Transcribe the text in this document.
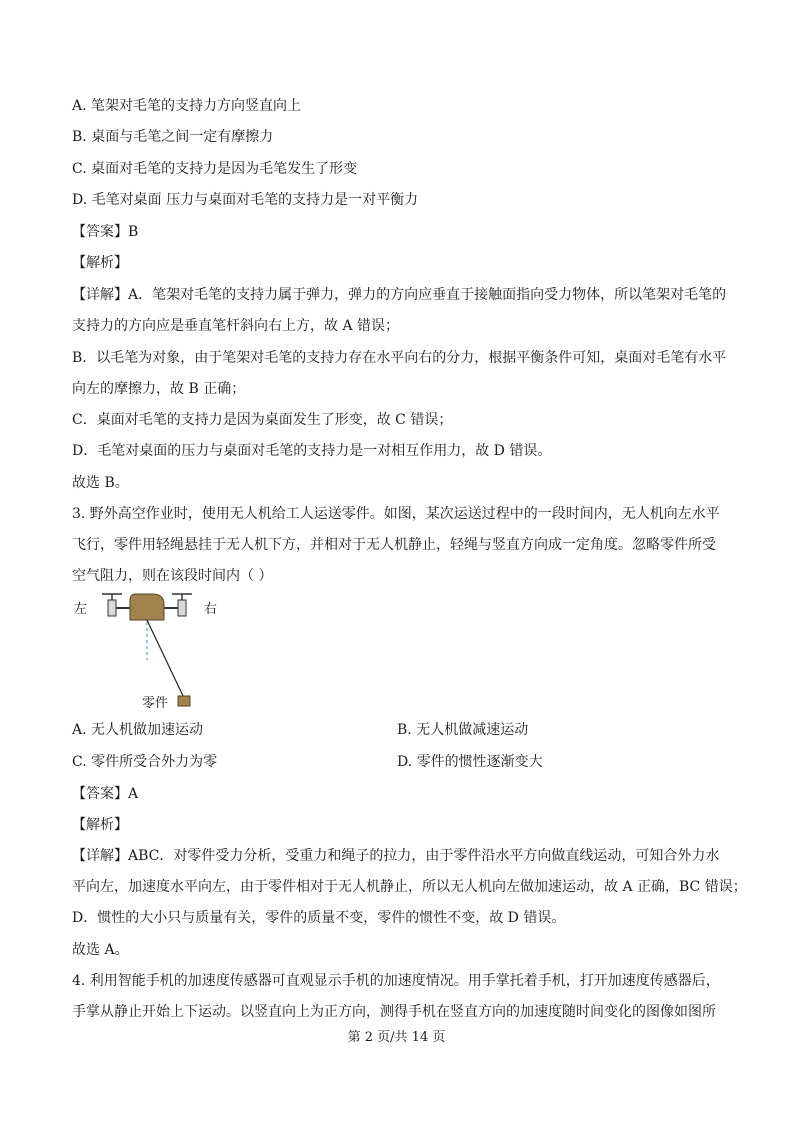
A. 笔架对毛笔的支持力方向竖直向上
B. 桌面与毛笔之间一定有摩擦力
C. 桌面对毛笔的支持力是因为毛笔发生了形变
D. 毛笔对桌面 压力与桌面对毛笔的支持力是一对平衡力
【答案】B
【解析】
【详解】A．笔架对毛笔的支持力属于弹力，弹力的方向应垂直于接触面指向受力物体，所以笔架对毛笔的
支持力的方向应是垂直笔杆斜向右上方，故 A 错误；
B．以毛笔为对象，由于笔架对毛笔的支持力存在水平向右的分力，根据平衡条件可知，桌面对毛笔有水平
向左的摩擦力，故 B 正确；
C．桌面对毛笔的支持力是因为桌面发生了形变，故 C 错误；
D．毛笔对桌面的压力与桌面对毛笔的支持力是一对相互作用力，故 D 错误。
故选 B。
3. 野外高空作业时，使用无人机给工人运送零件。如图，某次运送过程中的一段时间内，无人机向左水平
飞行，零件用轻绳悬挂于无人机下方，并相对于无人机静止，轻绳与竖直方向成一定角度。忽略零件所受
空气阻力，则在该段时间内（ ）
左	右
零件
A. 无人机做加速运动	B. 无人机做减速运动
C. 零件所受合外力为零	D. 零件的惯性逐渐变大
【答案】A
【解析】
【详解】ABC．对零件受力分析，受重力和绳子的拉力，由于零件沿水平方向做直线运动，可知合外力水
平向左，加速度水平向左，由于零件相对于无人机静止，所以无人机向左做加速运动，故 A 正确，BC 错误；
D．惯性的大小只与质量有关，零件的质量不变，零件的惯性不变，故 D 错误。
故选 A。
4. 利用智能手机的加速度传感器可直观显示手机的加速度情况。用手掌托着手机，打开加速度传感器后，
手掌从静止开始上下运动。以竖直向上为正方向，测得手机在竖直方向的加速度随时间变化的图像如图所
第 2 页/共 14 页
